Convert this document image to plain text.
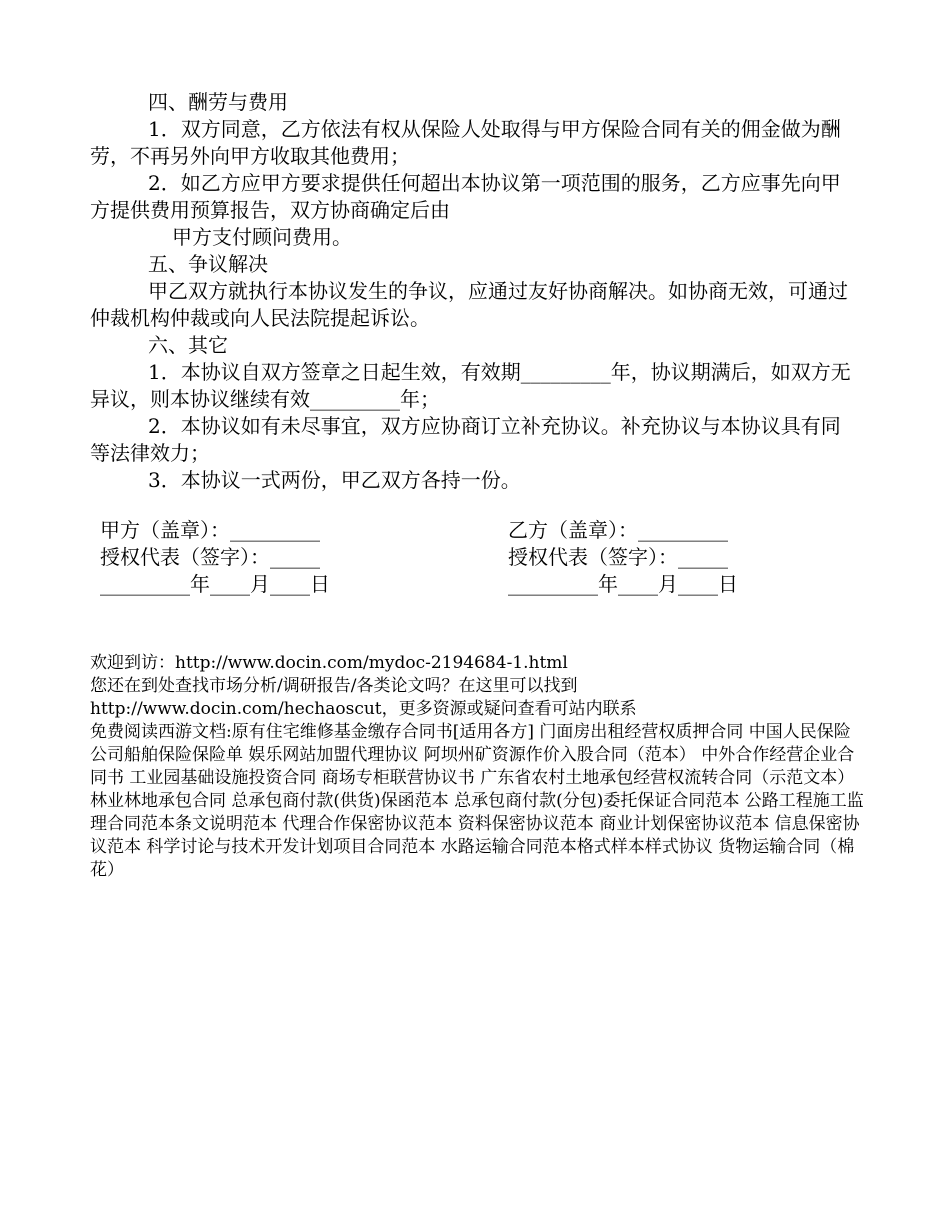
四、酬劳与费用

1．双方同意，乙方依法有权从保险人处取得与甲方保险合同有关的佣金做为酬劳，不再另外向甲方收取其他费用；

2．如乙方应甲方要求提供任何超出本协议第一项范围的服务，乙方应事先向甲方提供费用预算报告，双方协商确定后由

甲方支付顾问费用。

五、争议解决

甲乙双方就执行本协议发生的争议，应通过友好协商解决。如协商无效，可通过仲裁机构仲裁或向人民法院提起诉讼。

六、其它

1．本协议自双方签章之日起生效，有效期_________年，协议期满后，如双方无异议，则本协议继续有效_________年；

2．本协议如有未尽事宜，双方应协商订立补充协议。补充协议与本协议具有同等法律效力；

3．本协议一式两份，甲乙双方各持一份。

甲方（盖章）：_________

授权代表（签字）：_____

_________年____月____日

乙方（盖章）：_________

授权代表（签字）：_____

_________年____月____日

欢迎到访：http://www.docin.com/mydoc-2194684-1.html

您还在到处查找市场分析/调研报告/各类论文吗？在这里可以找到 http://www.docin.com/hechaoscut，更多资源或疑问查看可站内联系

免费阅读西游文档:原有住宅维修基金缴存合同书[适用各方] 门面房出租经营权质押合同 中国人民保险公司船舶保险保险单 娱乐网站加盟代理协议 阿坝州矿资源作价入股合同（范本） 中外合作经营企业合同书 工业园基础设施投资合同 商场专柜联营协议书 广东省农村土地承包经营权流转合同（示范文本） 林业林地承包合同 总承包商付款(供货)保函范本 总承包商付款(分包)委托保证合同范本 公路工程施工监理合同范本条文说明范本 代理合作保密协议范本 资料保密协议范本 商业计划保密协议范本 信息保密协议范本 科学讨论与技术开发计划项目合同范本 水路运输合同范本格式样本样式协议 货物运输合同（棉花）
